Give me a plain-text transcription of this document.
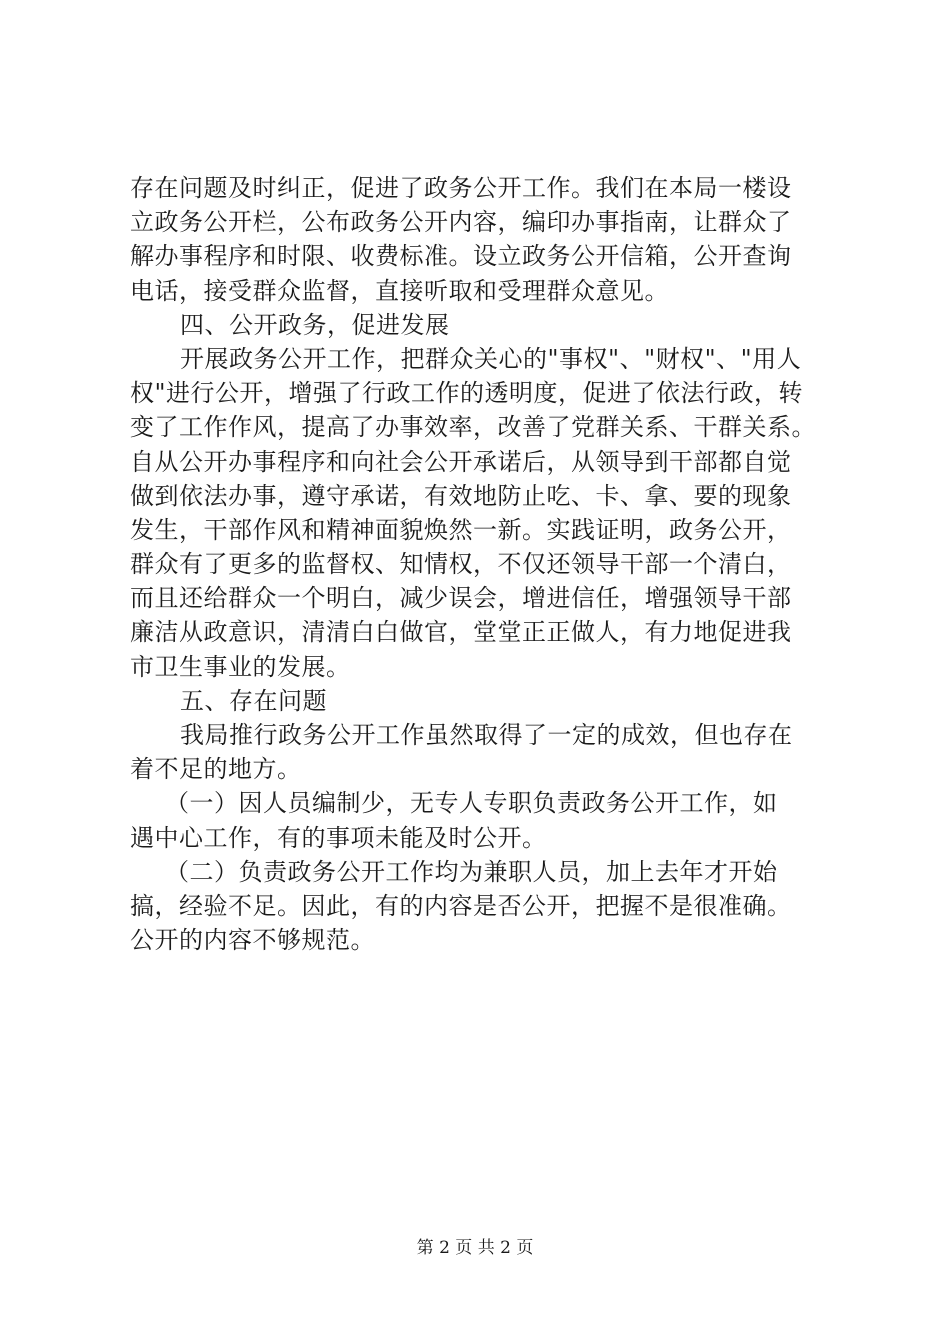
存在问题及时纠正，促进了政务公开工作。我们在本局一楼设
立政务公开栏，公布政务公开内容，编印办事指南，让群众了
解办事程序和时限、收费标准。设立政务公开信箱，公开查询
电话，接受群众监督，直接听取和受理群众意见。
四、公开政务，促进发展
开展政务公开工作，把群众关心的"事权"、"财权"、"用人
权"进行公开，增强了行政工作的透明度，促进了依法行政，转
变了工作作风，提高了办事效率，改善了党群关系、干群关系。
自从公开办事程序和向社会公开承诺后，从领导到干部都自觉
做到依法办事，遵守承诺，有效地防止吃、卡、拿、要的现象
发生，干部作风和精神面貌焕然一新。实践证明，政务公开，
群众有了更多的监督权、知情权，不仅还领导干部一个清白，
而且还给群众一个明白，减少误会，增进信任，增强领导干部
廉洁从政意识，清清白白做官，堂堂正正做人，有力地促进我
市卫生事业的发展。
五、存在问题
我局推行政务公开工作虽然取得了一定的成效，但也存在
着不足的地方。
（一）因人员编制少，无专人专职负责政务公开工作，如
遇中心工作，有的事项未能及时公开。
（二）负责政务公开工作均为兼职人员，加上去年才开始
搞，经验不足。因此，有的内容是否公开，把握不是很准确。
公开的内容不够规范。
第 2 页 共 2 页
